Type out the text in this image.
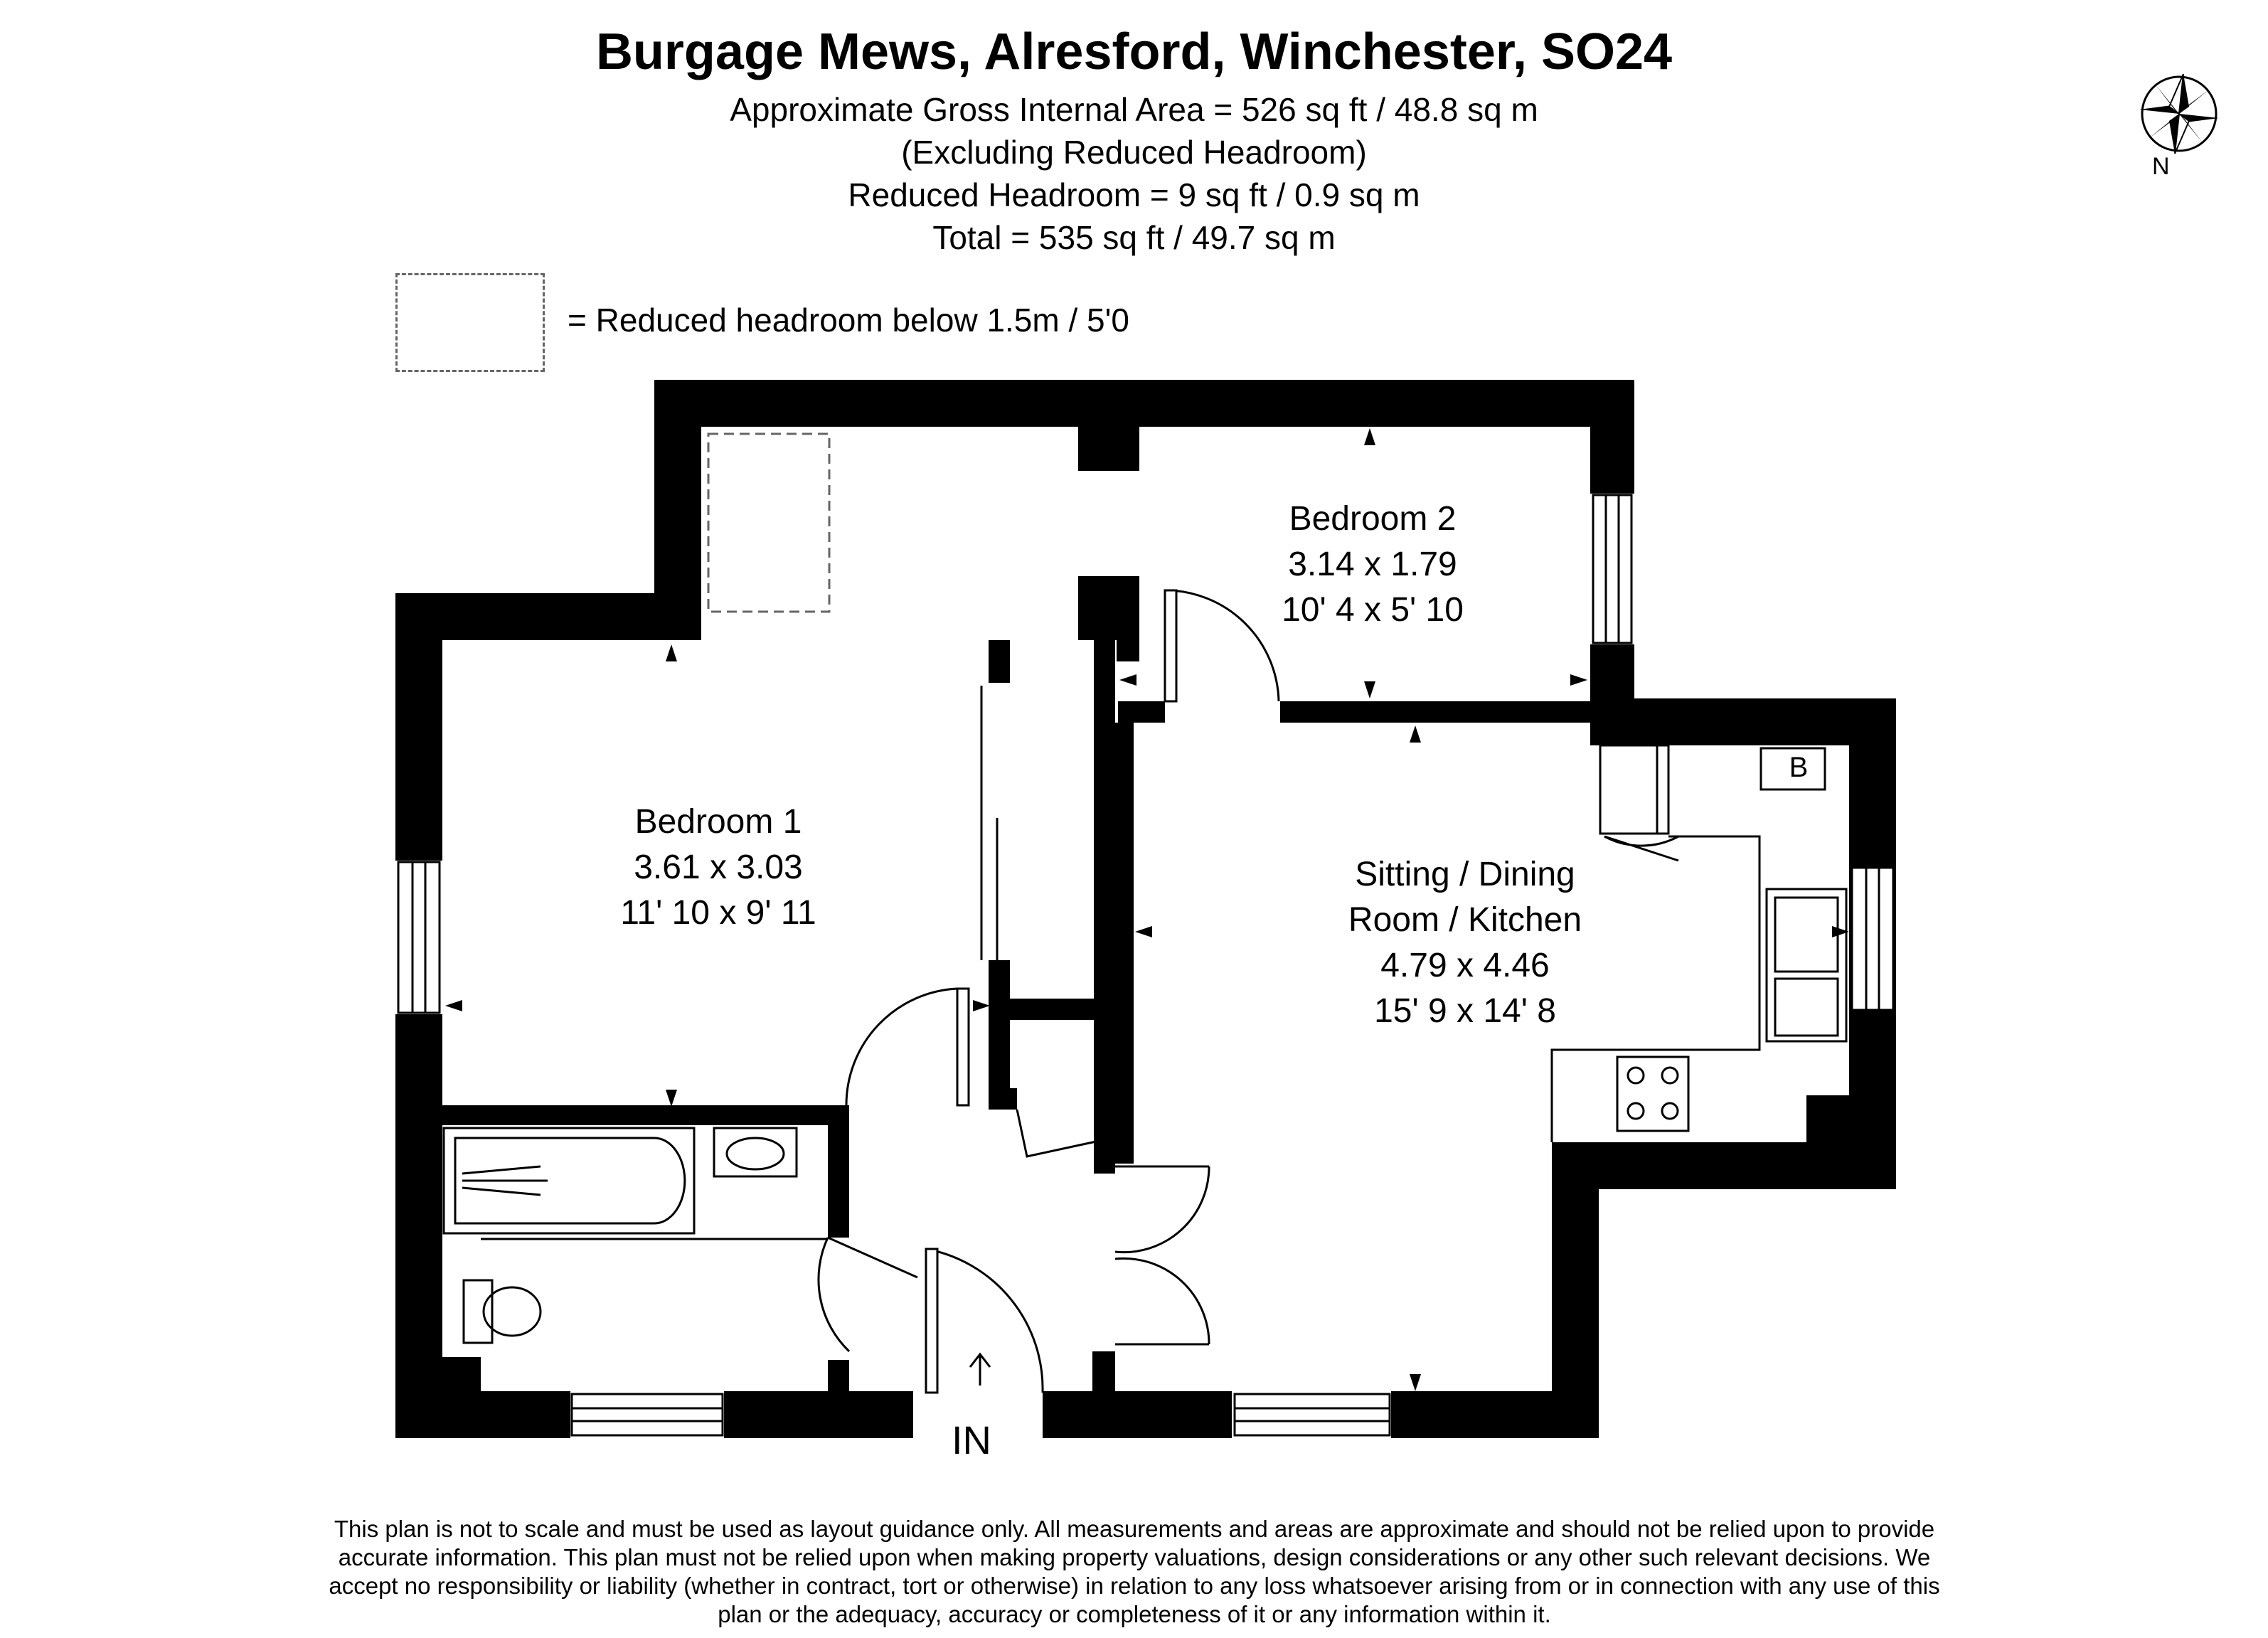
Burgage Mews, Alresford, Winchester, SO24
Approximate Gross Internal Area = 526 sq ft / 48.8 sq m
(Excluding Reduced Headroom)
Reduced Headroom = 9 sq ft / 0.9 sq m
Total = 535 sq ft / 49.7 sq m
= Reduced headroom below 1.5m / 5'0
B
N
Bedroom 1
3.61 x 3.03
11' 10 x 9' 11
Bedroom 2
3.14 x 1.79
10' 4 x 5' 10
Sitting / Dining
Room / Kitchen
4.79 x 4.46
15' 9 x 14' 8
IN
This plan is not to scale and must be used as layout guidance only. All measurements and areas are approximate and should not be relied upon to provide accurate information. This plan must not be relied upon when making property valuations, design considerations or any other such relevant decisions. We accept no responsibility or liability (whether in contract, tort or otherwise) in relation to any loss whatsoever arising from or in connection with any use of this plan or the adequacy, accuracy or completeness of it or any information within it.
